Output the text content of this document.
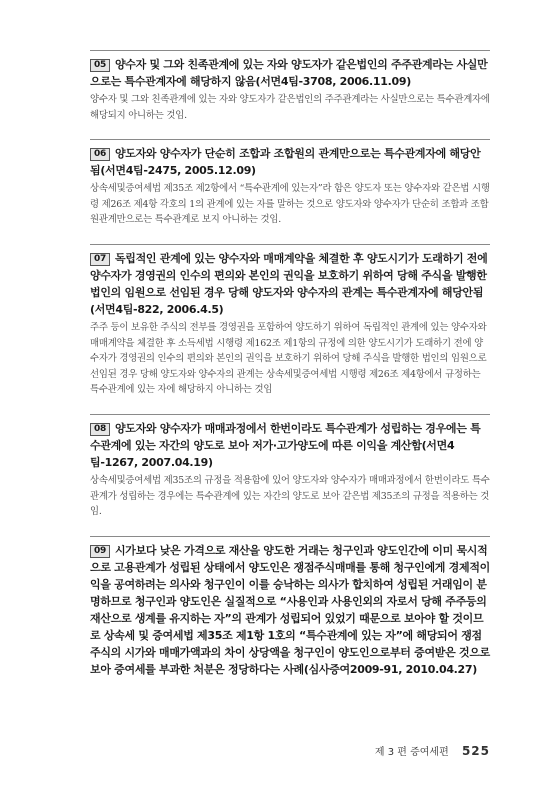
05 양수자 및 그와 친족관계에 있는 자와 양도자가 같은법인의 주주관계라는 사실만으로는 특수관계자에 해당하지 않음(서면4팀-3708, 2006.11.09)

양수자 및 그와 친족관계에 있는 자와 양도자가 같은법인의 주주관계라는 사실만으로는 특수관계자에 해당되지 아니하는 것임.

06 양도자와 양수자가 단순히 조합과 조합원의 관계만으로는 특수관계자에 해당안됨(서면4팀-2475, 2005.12.09)

상속세및증여세법 제35조 제2항에서 “특수관계에 있는자”라 함은 양도자 또는 양수자와 같은법 시행령 제26조 제4항 각호의 1의 관계에 있는 자를 말하는 것으로 양도자와 양수자가 단순히 조합과 조합원관계만으로는 특수관계로 보지 아니하는 것임.

07 독립적인 관계에 있는 양수자와 매매계약을 체결한 후 양도시기가 도래하기 전에 양수자가 경영권의 인수의 편의와 본인의 권익을 보호하기 위하여 당해 주식을 발행한 법인의 임원으로 선임된 경우 당해 양도자와 양수자의 관계는 특수관계자에 해당안됨(서면4팀-822, 2006.4.5)

주주 등이 보유한 주식의 전부를 경영권을 포함하여 양도하기 위하여 독립적인 관계에 있는 양수자와 매매계약을 체결한 후 소득세법 시행령 제162조 제1항의 규정에 의한 양도시기가 도래하기 전에 양수자가 경영권의 인수의 편의와 본인의 권익을 보호하기 위하여 당해 주식을 발행한 법인의 임원으로 선임된 경우 당해 양도자와 양수자의 관계는 상속세및증여세법 시행령 제26조 제4항에서 규정하는 특수관계에 있는 자에 해당하지 아니하는 것임

08 양도자와 양수자가 매매과정에서 한번이라도 특수관계가 성립하는 경우에는 특수관계에 있는 자간의 양도로 보아 저가·고가양도에 따른 이익을 계산함(서면4팀-1267, 2007.04.19)

상속세및증여세법 제35조의 규정을 적용함에 있어 양도자와 양수자가 매매과정에서 한번이라도 특수관계가 성립하는 경우에는 특수관계에 있는 자간의 양도로 보아 같은법 제35조의 규정을 적용하는 것임.

09 시가보다 낮은 가격으로 재산을 양도한 거래는 청구인과 양도인간에 이미 묵시적으로 고용관계가 성립된 상태에서 양도인은 쟁점주식매매를 통해 청구인에게 경제적이익을 공여하려는 의사와 청구인이 이를 승낙하는 의사가 합치하여 성립된 거래임이 분명하므로 청구인과 양도인은 실질적으로 “사용인과 사용인외의 자로서 당해 주주등의 재산으로 생계를 유지하는 자”의 관계가 성립되어 있었기 때문으로 보아야 할 것이므로 상속세 및 증여세법 제35조 제1항 1호의 “특수관계에 있는 자”에 해당되어 쟁점 주식의 시가와 매매가액과의 차이 상당액을 청구인이 양도인으로부터 증여받은 것으로 보아 증여세를 부과한 처분은 정당하다는 사례(심사증여2009-91, 2010.04.27)

제 3 편 증여세편 525
